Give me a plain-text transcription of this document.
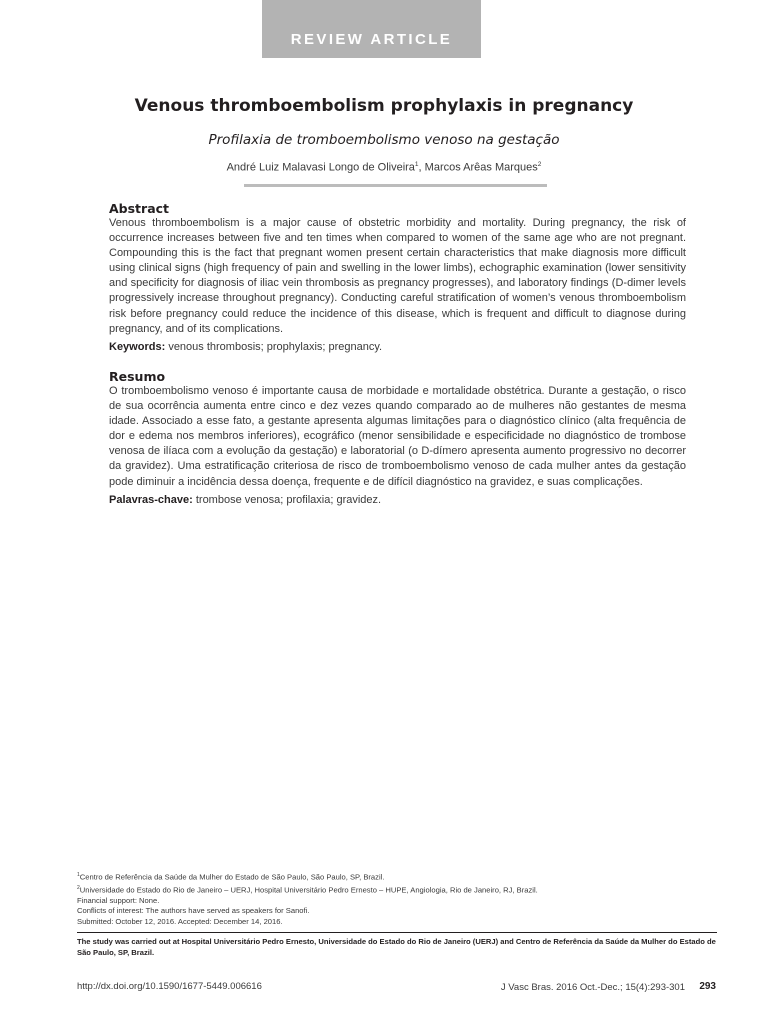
REVIEW ARTICLE
Venous thromboembolism prophylaxis in pregnancy
Profilaxia de tromboembolismo venoso na gestação
André Luiz Malavasi Longo de Oliveira$^1$, Marcos Arêas Marques$^2$
Abstract

Venous thromboembolism is a major cause of obstetric morbidity and mortality. During pregnancy, the risk of occurrence increases between five and ten times when compared to women of the same age who are not pregnant. Compounding this is the fact that pregnant women present certain characteristics that make diagnosis more difficult using clinical signs (high frequency of pain and swelling in the lower limbs), echographic examination (lower sensitivity and specificity for diagnosis of iliac vein thrombosis as pregnancy progresses), and laboratory findings (D-dimer levels progressively increase throughout pregnancy). Conducting careful stratification of women’s venous thromboembolism risk before pregnancy could reduce the incidence of this disease, which is frequent and difficult to diagnose during pregnancy, and of its complications.

Keywords: venous thrombosis; prophylaxis; pregnancy.

Resumo

O tromboembolismo venoso é importante causa de morbidade e mortalidade obstétrica. Durante a gestação, o risco de sua ocorrência aumenta entre cinco e dez vezes quando comparado ao de mulheres não gestantes de mesma idade. Associado a esse fato, a gestante apresenta algumas limitações para o diagnóstico clínico (alta frequência de dor e edema nos membros inferiores), ecográfico (menor sensibilidade e especificidade no diagnóstico de trombose venosa de ilíaca com a evolução da gestação) e laboratorial (o D-dímero apresenta aumento progressivo no decorrer da gravidez). Uma estratificação criteriosa de risco de tromboembolismo venoso de cada mulher antes da gestação pode diminuir a incidência dessa doença, frequente e de difícil diagnóstico na gravidez, e suas complicações.

Palavras-chave: trombose venosa; profilaxia; gravidez.

$^1$Centro de Referência da Saúde da Mulher do Estado de São Paulo, São Paulo, SP, Brazil.
$^2$Universidade do Estado do Rio de Janeiro – UERJ, Hospital Universitário Pedro Ernesto – HUPE, Angiologia, Rio de Janeiro, RJ, Brazil.
Financial support: None.
Conflicts of interest: The authors have served as speakers for Sanofi.
Submitted: October 12, 2016. Accepted: December 14, 2016.
The study was carried out at Hospital Universitário Pedro Ernesto, Universidade do Estado do Rio de Janeiro (UERJ) and Centro de Referência da Saúde da Mulher do Estado de São Paulo, SP, Brazil.
http://dx.doi.org/10.1590/1677-5449.006616	J Vasc Bras. 2016 Oct.-Dec.; 15(4):293-301 293
